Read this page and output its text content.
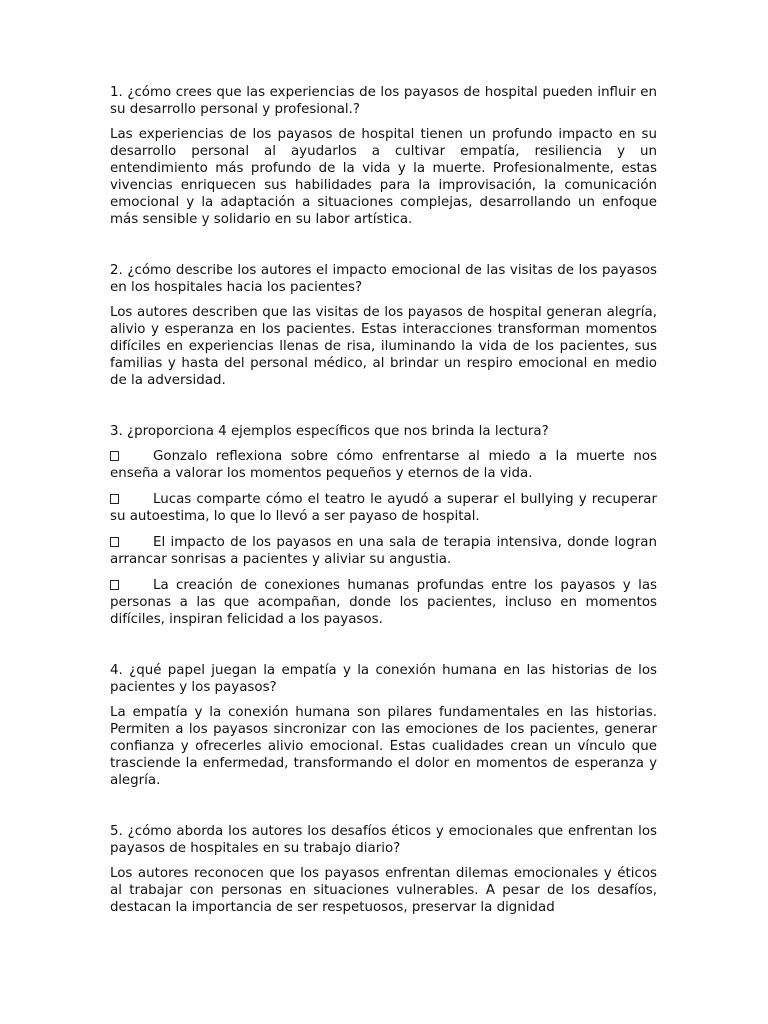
1. ¿cómo crees que las experiencias de los payasos de hospital pueden influir en su desarrollo personal y profesional.?

Las experiencias de los payasos de hospital tienen un profundo impacto en su desarrollo personal al ayudarlos a cultivar empatía, resiliencia y un entendimiento más profundo de la vida y la muerte. Profesionalmente, estas vivencias enriquecen sus habilidades para la improvisación, la comunicación emocional y la adaptación a situaciones complejas, desarrollando un enfoque más sensible y solidario en su labor artística.

2. ¿cómo describe los autores el impacto emocional de las visitas de los payasos en los hospitales hacia los pacientes?

Los autores describen que las visitas de los payasos de hospital generan alegría, alivio y esperanza en los pacientes. Estas interacciones transforman momentos difíciles en experiencias llenas de risa, iluminando la vida de los pacientes, sus familias y hasta del personal médico, al brindar un respiro emocional en medio de la adversidad.

3. ¿proporciona 4 ejemplos específicos que nos brinda la lectura?

Gonzalo reflexiona sobre cómo enfrentarse al miedo a la muerte nos enseña a valorar los momentos pequeños y eternos de la vida.
Lucas comparte cómo el teatro le ayudó a superar el bullying y recuperar su autoestima, lo que lo llevó a ser payaso de hospital.
El impacto de los payasos en una sala de terapia intensiva, donde logran arrancar sonrisas a pacientes y aliviar su angustia.
La creación de conexiones humanas profundas entre los payasos y las personas a las que acompañan, donde los pacientes, incluso en momentos difíciles, inspiran felicidad a los payasos.

4. ¿qué papel juegan la empatía y la conexión humana en las historias de los pacientes y los payasos?

La empatía y la conexión humana son pilares fundamentales en las historias. Permiten a los payasos sincronizar con las emociones de los pacientes, generar confianza y ofrecerles alivio emocional. Estas cualidades crean un vínculo que trasciende la enfermedad, transformando el dolor en momentos de esperanza y alegría.

5. ¿cómo aborda los autores los desafíos éticos y emocionales que enfrentan los payasos de hospitales en su trabajo diario?

Los autores reconocen que los payasos enfrentan dilemas emocionales y éticos al trabajar con personas en situaciones vulnerables. A pesar de los desafíos, destacan la importancia de ser respetuosos, preservar la dignidad
